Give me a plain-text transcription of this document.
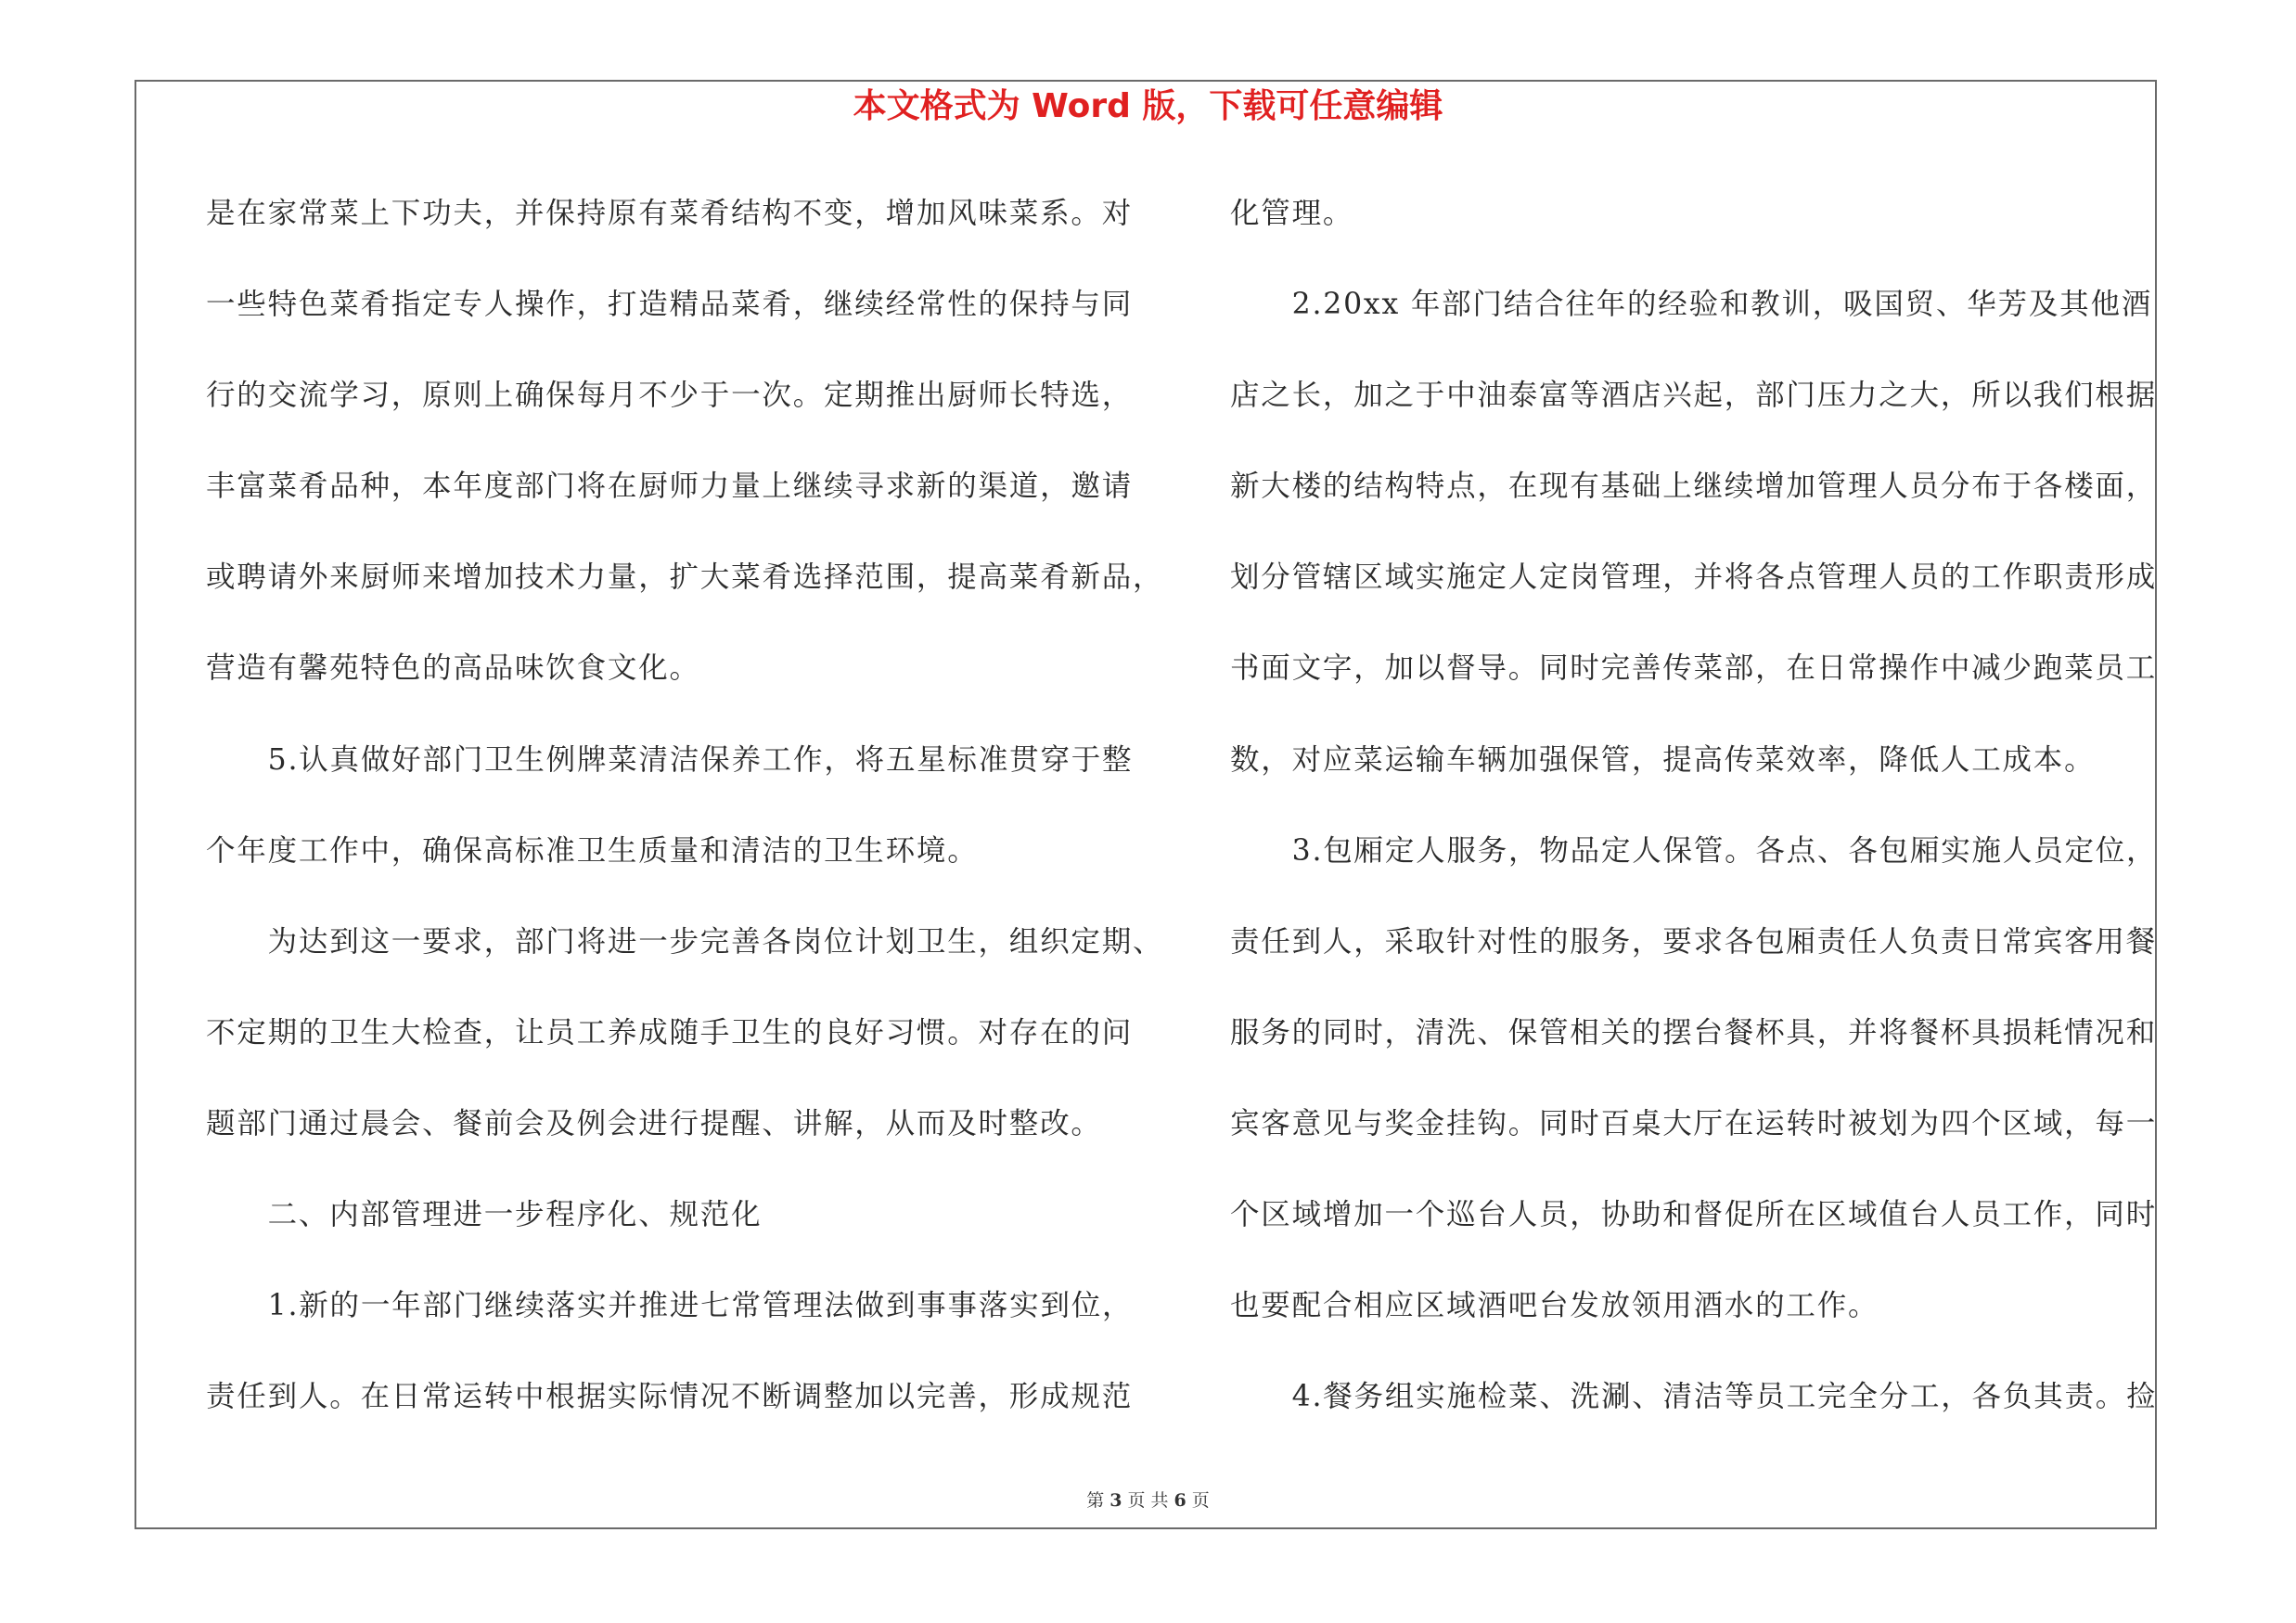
本文格式为 Word 版，下载可任意编辑
是在家常菜上下功夫，并保持原有菜肴结构不变，增加风味菜系。对
一些特色菜肴指定专人操作，打造精品菜肴，继续经常性的保持与同
行的交流学习，原则上确保每月不少于一次。定期推出厨师长特选，
丰富菜肴品种，本年度部门将在厨师力量上继续寻求新的渠道，邀请
或聘请外来厨师来增加技术力量，扩大菜肴选择范围，提高菜肴新品，
营造有馨苑特色的高品味饮食文化。
　　5.认真做好部门卫生例牌菜清洁保养工作，将五星标准贯穿于整
个年度工作中，确保高标准卫生质量和清洁的卫生环境。
　　为达到这一要求，部门将进一步完善各岗位计划卫生，组织定期、
不定期的卫生大检查，让员工养成随手卫生的良好习惯。对存在的问
题部门通过晨会、餐前会及例会进行提醒、讲解，从而及时整改。
　　二、内部管理进一步程序化、规范化
　　1.新的一年部门继续落实并推进七常管理法做到事事落实到位，
责任到人。在日常运转中根据实际情况不断调整加以完善，形成规范
化管理。
　　2.20xx 年部门结合往年的经验和教训，吸国贸、华芳及其他酒
店之长，加之于中油泰富等酒店兴起，部门压力之大，所以我们根据
新大楼的结构特点，在现有基础上继续增加管理人员分布于各楼面，
划分管辖区域实施定人定岗管理，并将各点管理人员的工作职责形成
书面文字，加以督导。同时完善传菜部，在日常操作中减少跑菜员工
数，对应菜运输车辆加强保管，提高传菜效率，降低人工成本。
　　3.包厢定人服务，物品定人保管。各点、各包厢实施人员定位，
责任到人，采取针对性的服务，要求各包厢责任人负责日常宾客用餐
服务的同时，清洗、保管相关的摆台餐杯具，并将餐杯具损耗情况和
宾客意见与奖金挂钩。同时百桌大厅在运转时被划为四个区域，每一
个区域增加一个巡台人员，协助和督促所在区域值台人员工作，同时
也要配合相应区域酒吧台发放领用酒水的工作。
　　4.餐务组实施检菜、洗涮、清洁等员工完全分工，各负其责。捡
第 3 页 共 6 页
